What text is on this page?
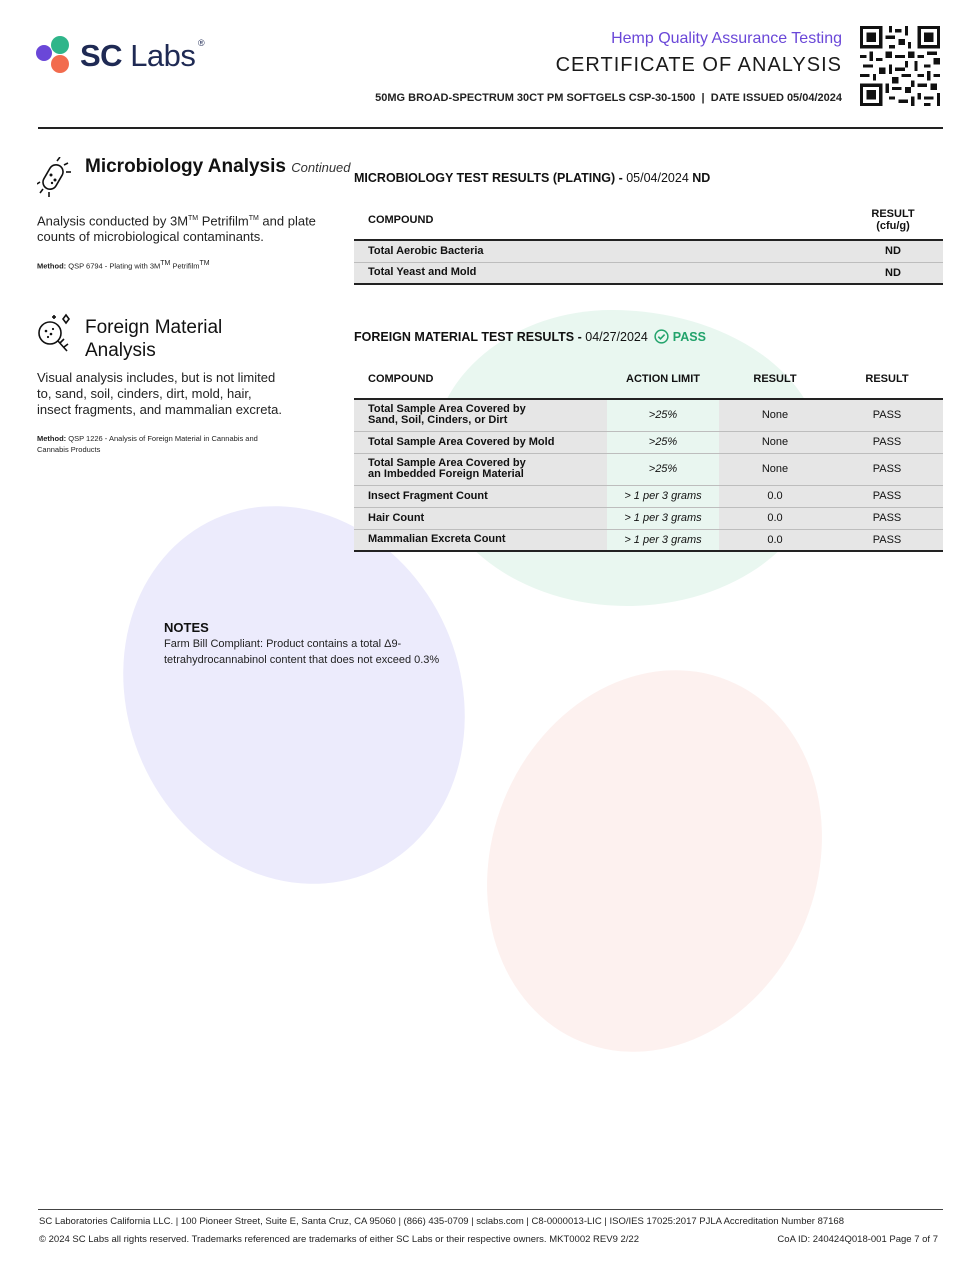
SC Labs ®	Hemp Quality Assurance Testing
CERTIFICATE OF ANALYSIS
50MG BROAD-SPECTRUM 30CT PM SOFTGELS CSP-30-1500  |  DATE ISSUED 05/04/2024
Microbiology Analysis Continued
Analysis conducted by 3M™ Petrifilm™ and plate counts of microbiological contaminants.
Method: QSP 6794 - Plating with 3M™ Petrifilm™
MICROBIOLOGY TEST RESULTS (PLATING) - 05/04/2024 ND
COMPOUND	RESULT
(cfu/g)
Total Aerobic Bacteria	ND
Total Yeast and Mold	ND
Foreign Material
Analysis
Visual analysis includes, but is not limited to, sand, soil, cinders, dirt, mold, hair, insect fragments, and mammalian excreta.
Method: QSP 1226 - Analysis of Foreign Material in Cannabis and Cannabis Products
FOREIGN MATERIAL TEST RESULTS - 04/27/2024 PASS
COMPOUND	ACTION LIMIT	RESULT	RESULT
Total Sample Area Covered by
Sand, Soil, Cinders, or Dirt	>25%	None	PASS
Total Sample Area Covered by Mold	>25%	None	PASS
Total Sample Area Covered by
an Imbedded Foreign Material	>25%	None	PASS
Insect Fragment Count	> 1 per 3 grams	0.0	PASS
Hair Count	> 1 per 3 grams	0.0	PASS
Mammalian Excreta Count	> 1 per 3 grams	0.0	PASS
NOTES
Farm Bill Compliant: Product contains a total Δ9-tetrahydrocannabinol content that does not exceed 0.3%
SC Laboratories California LLC. | 100 Pioneer Street, Suite E, Santa Cruz, CA 95060 | (866) 435-0709 | sclabs.com | C8-0000013-LIC | ISO/IES 17025:2017 PJLA Accreditation Number 87168
© 2024 SC Labs all rights reserved. Trademarks referenced are trademarks of either SC Labs or their respective owners. MKT0002 REV9 2/22	CoA ID: 240424Q018-001 Page 7 of 7
